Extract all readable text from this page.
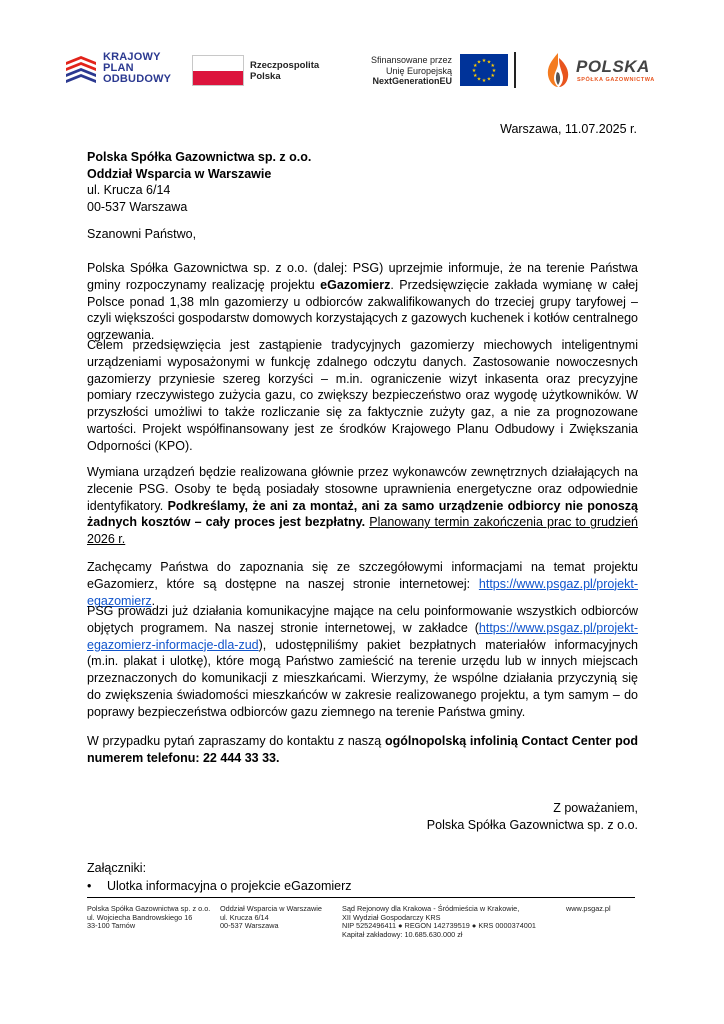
KRAJOWY
PLAN
ODBUDOWY
Rzeczpospolita
Polska
Sfinansowane przez
Unię Europejską
NextGenerationEU
★ ★
★
★
★
★
★
★
★
★
★
★	POLSKA
SPÓŁKA GAZOWNICTWA
Warszawa, 11.07.2025 r.
Polska Spółka Gazownictwa sp. z o.o.
Oddział Wsparcia w Warszawie
ul. Krucza 6/14
00-537 Warszawa
Szanowni Państwo,

Polska Spółka Gazownictwa sp. z o.o. (dalej: PSG) uprzejmie informuje, że na terenie Państwa gminy rozpoczynamy realizację projektu eGazomierz. Przedsięwzięcie zakłada wymianę w całej Polsce ponad 1,38 mln gazomierzy u odbiorców zakwalifikowanych do trzeciej grupy taryfowej – czyli większości gospodarstw domowych korzystających z gazowych kuchenek i kotłów centralnego ogrzewania.

Celem przedsięwzięcia jest zastąpienie tradycyjnych gazomierzy miechowych inteligentnymi urządzeniami wyposażonymi w funkcję zdalnego odczytu danych. Zastosowanie nowoczesnych gazomierzy przyniesie szereg korzyści – m.in. ograniczenie wizyt inkasenta oraz precyzyjne pomiary rzeczywistego zużycia gazu, co zwiększy bezpieczeństwo oraz wygodę użytkowników. W przyszłości umożliwi to także rozliczanie się za faktycznie zużyty gaz, a nie za prognozowane wartości. Projekt współfinansowany jest ze środków Krajowego Planu Odbudowy i Zwiększania Odporności (KPO).

Wymiana urządzeń będzie realizowana głównie przez wykonawców zewnętrznych działających na zlecenie PSG. Osoby te będą posiadały stosowne uprawnienia energetyczne oraz odpowiednie identyfikatory. Podkreślamy, że ani za montaż, ani za samo urządzenie odbiorcy nie ponoszą żadnych kosztów – cały proces jest bezpłatny. Planowany termin zakończenia prac to grudzień 2026 r.

Zachęcamy Państwa do zapoznania się ze szczegółowymi informacjami na temat projektu eGazomierz, które są dostępne na naszej stronie internetowej: https://www.psgaz.pl/projekt-egazomierz.

PSG prowadzi już działania komunikacyjne mające na celu poinformowanie wszystkich odbiorców objętych programem. Na naszej stronie internetowej, w zakładce (https://www.psgaz.pl/projekt-egazomierz-informacje-dla-zud), udostępniliśmy pakiet bezpłatnych materiałów informacyjnych (m.in. plakat i ulotkę), które mogą Państwo zamieścić na terenie urzędu lub w innych miejscach przeznaczonych do komunikacji z mieszkańcami. Wierzymy, że wspólne działania przyczynią się do zwiększenia świadomości mieszkańców w zakresie realizowanego projektu, a tym samym – do poprawy bezpieczeństwa odbiorców gazu ziemnego na terenie Państwa gminy.

W przypadku pytań zapraszamy do kontaktu z naszą ogólnopolską infolinią Contact Center pod numerem telefonu: 22 444 33 33.

Z poważaniem,
Polska Spółka Gazownictwa sp. z o.o.
Załączniki:
•	Ulotka informacyjna o projekcie eGazomierz
Polska Spółka Gazownictwa sp. z o.o.
ul. Wojciecha Bandrowskiego 16
33-100 Tarnów
Oddział Wsparcia w Warszawie
ul. Krucza 6/14
00-537 Warszawa
Sąd Rejonowy dla Krakowa - Śródmieścia w Krakowie,
XII Wydział Gospodarczy KRS
NIP 5252496411 ● REGON 142739519 ● KRS 0000374001
Kapitał zakładowy: 10.685.630.000 zł
www.psgaz.pl
